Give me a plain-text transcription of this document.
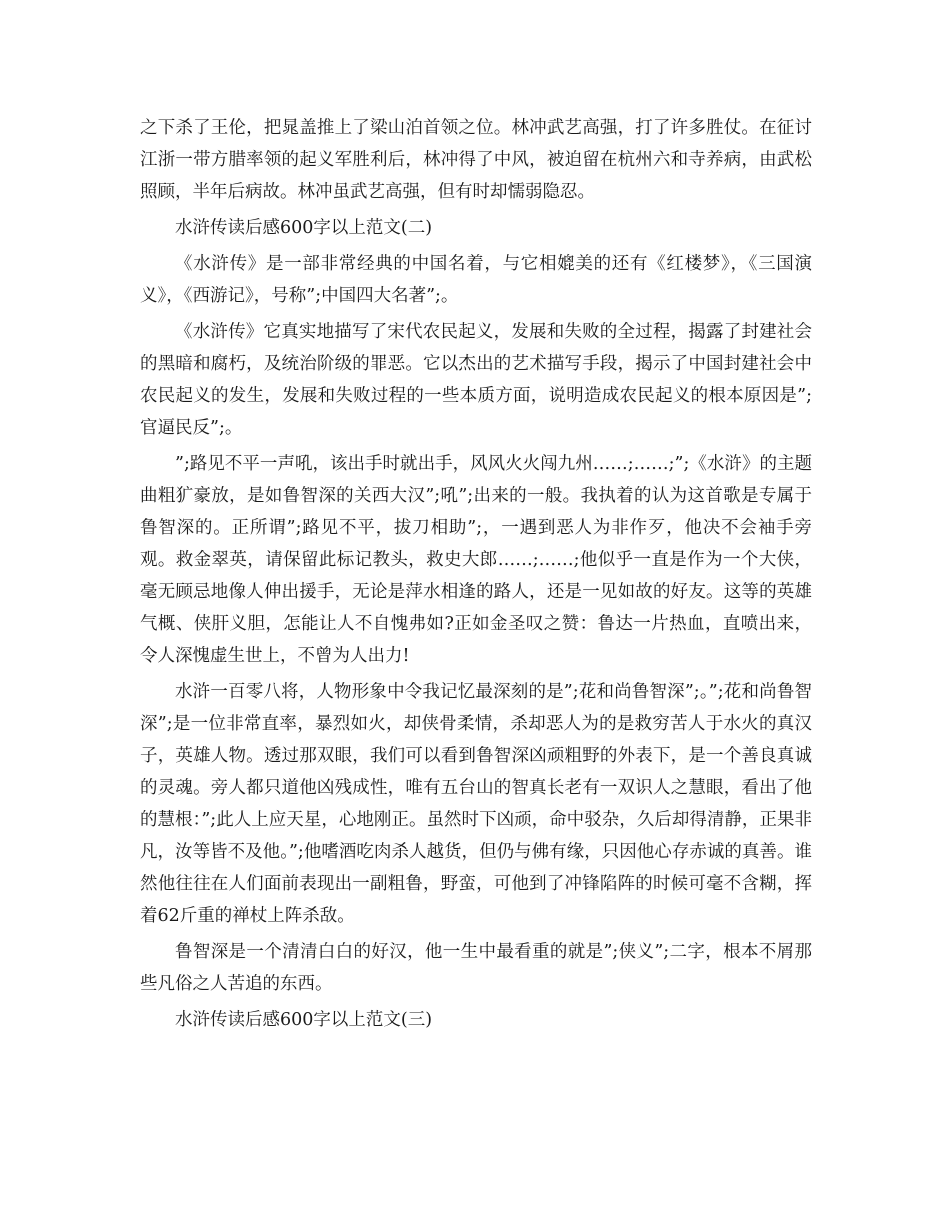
之下杀了王伦，把晁盖推上了梁山泊首领之位。林冲武艺高强，打了许多胜仗。在征讨江浙一带方腊率领的起义军胜利后，林冲得了中风，被迫留在杭州六和寺养病，由武松照顾，半年后病故。林冲虽武艺高强，但有时却懦弱隐忍。

水浒传读后感600字以上范文(二)

《水浒传》是一部非常经典的中国名着，与它相媲美的还有《红楼梦》，《三国演义》，《西游记》，号称”;中国四大名著”;。

《水浒传》它真实地描写了宋代农民起义，发展和失败的全过程，揭露了封建社会的黑暗和腐朽，及统治阶级的罪恶。它以杰出的艺术描写手段，揭示了中国封建社会中农民起义的发生，发展和失败过程的一些本质方面，说明造成农民起义的根本原因是”;官逼民反”;。

”;路见不平一声吼，该出手时就出手，风风火火闯九州……;……;”;《水浒》的主题曲粗犷豪放，是如鲁智深的关西大汉”;吼”;出来的一般。我执着的认为这首歌是专属于鲁智深的。正所谓”;路见不平，拔刀相助”;，一遇到恶人为非作歹，他决不会袖手旁观。救金翠英，请保留此标记教头，救史大郎……;……;他似乎一直是作为一个大侠，毫无顾忌地像人伸出援手，无论是萍水相逢的路人，还是一见如故的好友。这等的英雄气概、侠肝义胆，怎能让人不自愧弗如?正如金圣叹之赞：鲁达一片热血，直喷出来，令人深愧虚生世上，不曾为人出力!

水浒一百零八将，人物形象中令我记忆最深刻的是”;花和尚鲁智深”;。”;花和尚鲁智深”;是一位非常直率，暴烈如火，却侠骨柔情，杀却恶人为的是救穷苦人于水火的真汉子，英雄人物。透过那双眼，我们可以看到鲁智深凶顽粗野的外表下，是一个善良真诚的灵魂。旁人都只道他凶残成性，唯有五台山的智真长老有一双识人之慧眼，看出了他的慧根：”;此人上应天星，心地刚正。虽然时下凶顽，命中驳杂，久后却得清静，正果非凡，汝等皆不及他。”;他嗜酒吃肉杀人越货，但仍与佛有缘，只因他心存赤诚的真善。谁然他往往在人们面前表现出一副粗鲁，野蛮，可他到了冲锋陷阵的时候可毫不含糊，挥着62斤重的禅杖上阵杀敌。

鲁智深是一个清清白白的好汉，他一生中最看重的就是”;侠义”;二字，根本不屑那些凡俗之人苦追的东西。

水浒传读后感600字以上范文(三)
